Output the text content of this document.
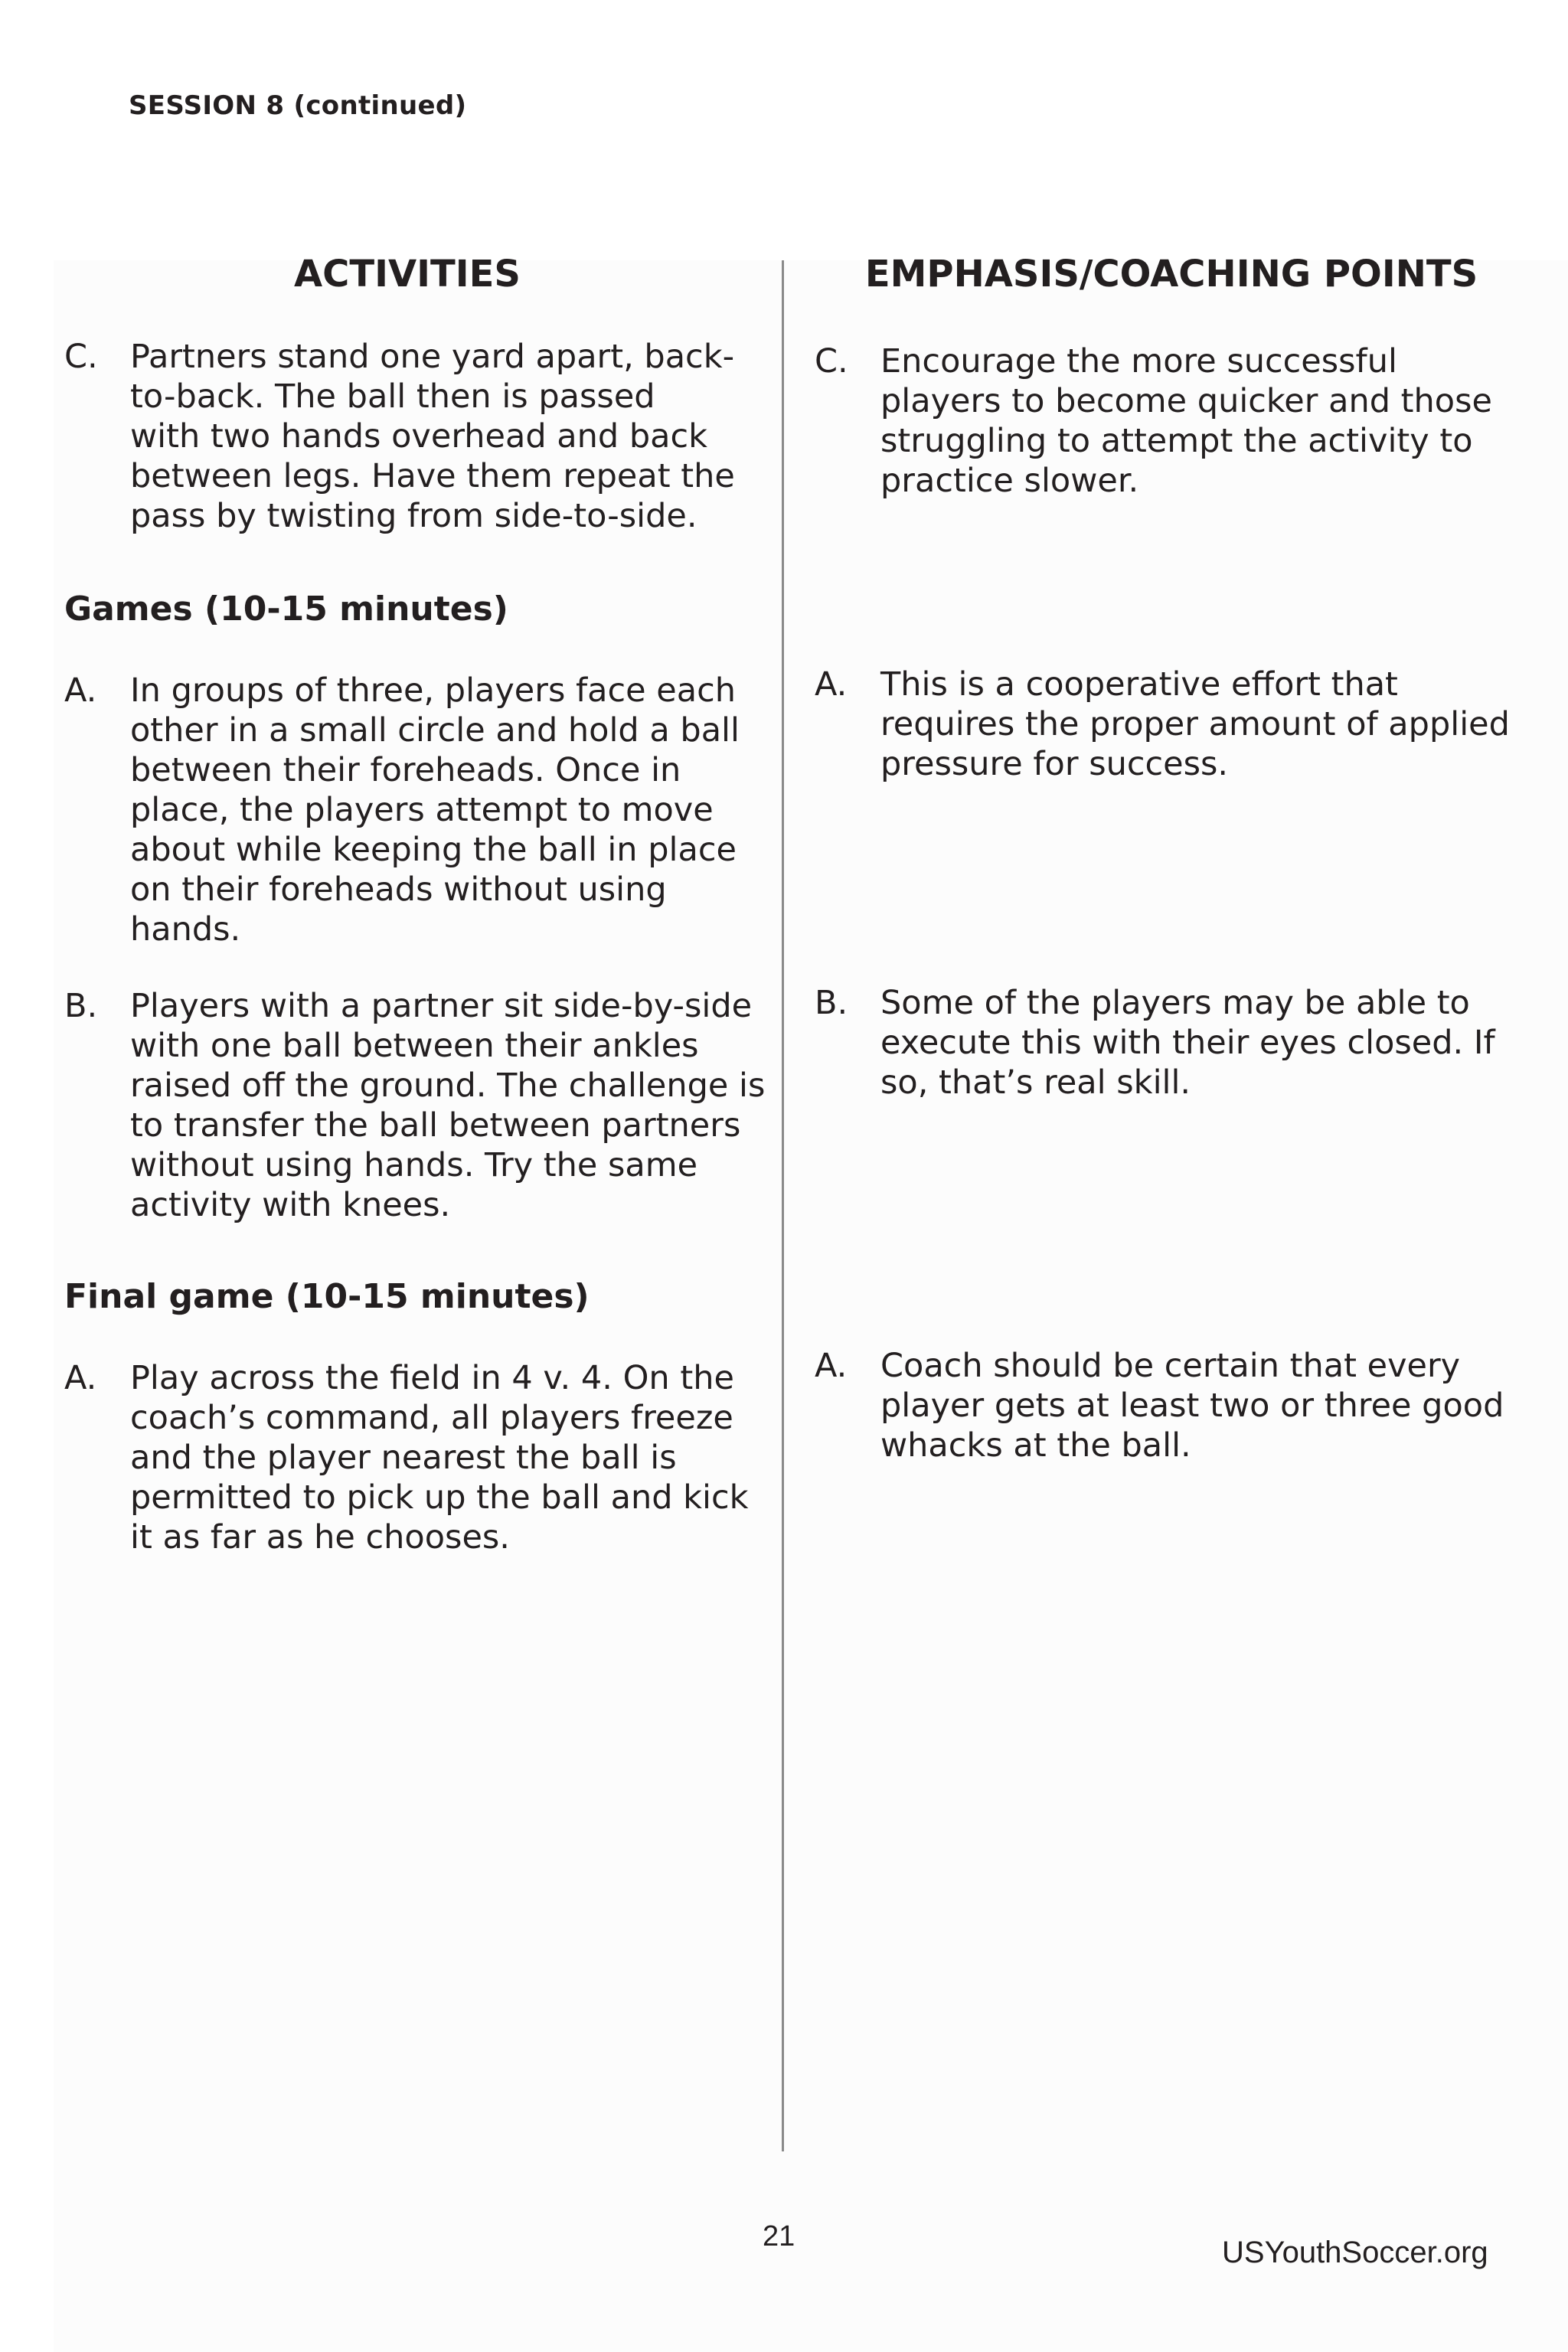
SESSION 8 (continued)
ACTIVITIES	EMPHASIS/COACHING POINTS
C. Partners stand one yard apart, back-
to-back. The ball then is passed
with two hands overhead and back
between legs. Have them repeat the
pass by twisting from side-to-side.
Games (10-15 minutes)
A. In groups of three, players face each
other in a small circle and hold a ball
between their foreheads. Once in
place, the players attempt to move
about while keeping the ball in place
on their foreheads without using
hands.
B. Players with a partner sit side-by-side
with one ball between their ankles
raised off the ground. The challenge is
to transfer the ball between partners
without using hands. Try the same
activity with knees.
Final game (10-15 minutes)
A. Play across the field in 4 v. 4. On the
coach’s command, all players freeze
and the player nearest the ball is
permitted to pick up the ball and kick
it as far as he chooses.
C. Encourage the more successful
players to become quicker and those
struggling to attempt the activity to
practice slower.
A. This is a cooperative effort that
requires the proper amount of applied
pressure for success.
B. Some of the players may be able to
execute this with their eyes closed. If
so, that’s real skill.
A. Coach should be certain that every
player gets at least two or three good
whacks at the ball.
21	USYouthSoccer.org
